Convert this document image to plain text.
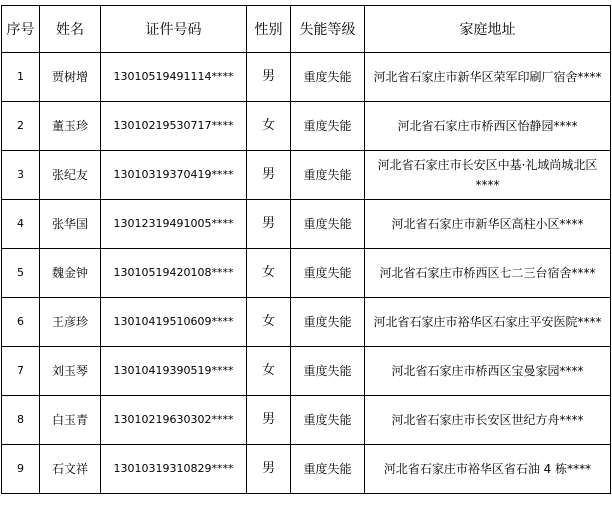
序号	姓名	证件号码	性别	失能等级	家庭地址
1	贾树增	13010519491114****	男	重度失能	河北省石家庄市新华区荣军印刷厂宿舍****
2	董玉珍	13010219530717****	女	重度失能	河北省石家庄市桥西区怡静园****
3	张纪友	13010319370419****	男	重度失能	河北省石家庄市长安区中基·礼域尚城北区****
4	张华国	13012319491005****	男	重度失能	河北省石家庄市新华区高柱小区****
5	魏金钟	13010519420108****	女	重度失能	河北省石家庄市桥西区七二三台宿舍****
6	王彦珍	13010419510609****	女	重度失能	河北省石家庄市裕华区石家庄平安医院****
7	刘玉琴	13010419390519****	女	重度失能	河北省石家庄市桥西区宝曼家园****
8	白玉青	13010219630302****	男	重度失能	河北省石家庄市长安区世纪方舟****
9	石文祥	13010319310829****	男	重度失能	河北省石家庄市裕华区省石油 4 栋****
